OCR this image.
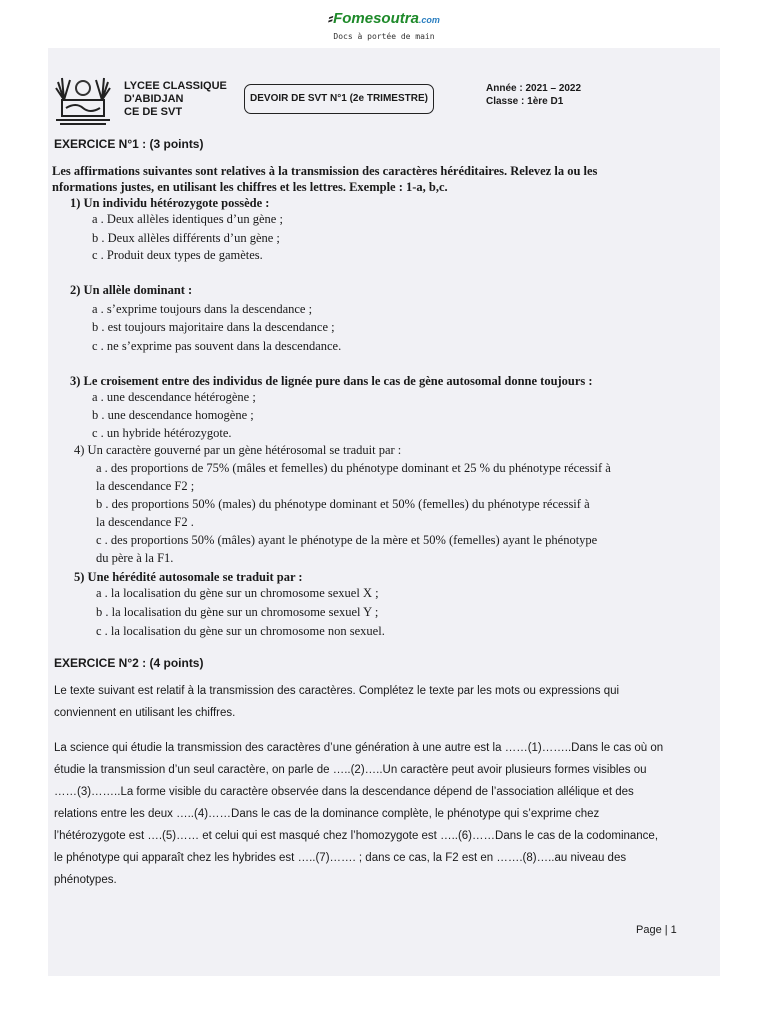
⸗Fomesoutra.com
Docs à portée de main
LYCEE CLASSIQUE
D'ABIDJAN
CE DE SVT
DEVOIR DE SVT N°1 (2e TRIMESTRE)
Année : 2021 – 2022
Classe : 1ère D1
EXERCICE N°1 : (3 points)
Les affirmations suivantes sont relatives à la transmission des caractères héréditaires. Relevez la ou les
nformations justes, en utilisant les chiffres et les lettres. Exemple : 1-a, b,c.
1) Un individu hétérozygote possède :
a . Deux allèles identiques d’un gène ;
b . Deux allèles différents d’un gène ;
c . Produit deux types de gamètes.
2) Un allèle dominant :
a . s’exprime toujours dans la descendance ;
b . est toujours majoritaire dans la descendance ;
c . ne s’exprime pas souvent dans la descendance.
3) Le croisement entre des individus de lignée pure dans le cas de gène autosomal donne toujours :
a . une descendance hétérogène ;
b . une descendance homogène ;
c . un hybride hétérozygote.
4) Un caractère gouverné par un gène hétérosomal se traduit par :
a . des proportions de 75% (mâles et femelles) du phénotype dominant et 25 % du phénotype récessif à
la descendance F2 ;
b . des proportions 50% (males) du phénotype dominant et 50% (femelles) du phénotype récessif à
la descendance F2 .
c . des proportions 50% (mâles) ayant le phénotype de la mère et 50% (femelles) ayant le phénotype
du père à la F1.
5) Une hérédité autosomale se traduit par :
a . la localisation du gène sur un chromosome sexuel X ;
b . la localisation du gène sur un chromosome sexuel Y ;
c . la localisation du gène sur un chromosome non sexuel.
EXERCICE N°2 : (4 points)
Le texte suivant est relatif à la transmission des caractères. Complétez le texte par les mots ou expressions qui
conviennent en utilisant les chiffres.
La science qui étudie la transmission des caractères d’une génération à une autre est la ……(1)……..Dans le cas où on
étudie la transmission d’un seul caractère, on parle de …..(2)…..Un caractère peut avoir plusieurs formes visibles ou
……(3)……..La forme visible du caractère observée dans la descendance dépend de l’association allélique et des
relations entre les deux …..(4)……Dans le cas de la dominance complète, le phénotype qui s’exprime chez
l’hétérozygote est ….(5)…… et celui qui est masqué chez l’homozygote est …..(6)……Dans le cas de la codominance,
le phénotype qui apparaît chez les hybrides est …..(7)……. ; dans ce cas, la F2 est en …….(8)…..au niveau des
phénotypes.
Page | 1
